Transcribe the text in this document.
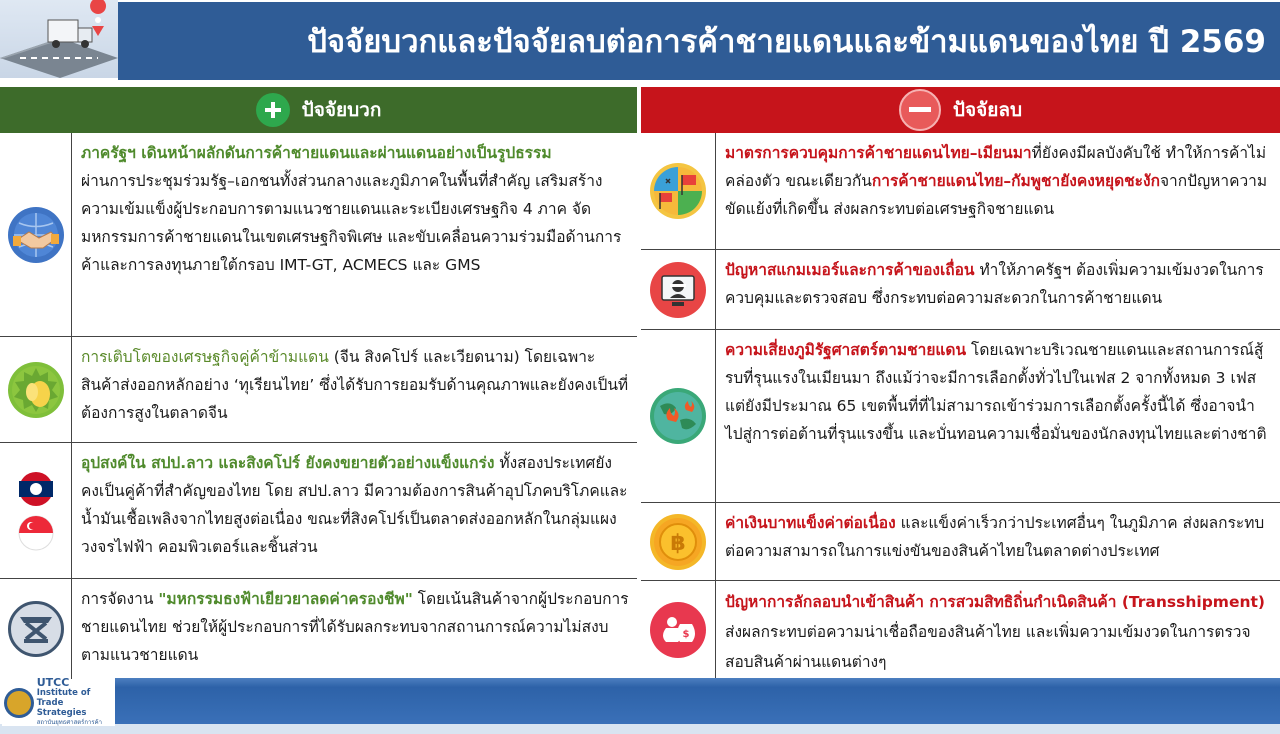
ปัจจัยบวกและปัจจัยลบต่อการค้าชายแดนและข้ามแดนของไทย ปี 2569
ปัจจัยบวก	ปัจจัยลบ
ภาครัฐฯ เดินหน้าผลักดันการค้าชายแดนและผ่านแดนอย่างเป็นรูปธรรม
ผ่านการประชุมร่วมรัฐ–เอกชนทั้งส่วนกลางและภูมิภาคในพื้นที่สำคัญ เสริมสร้างความเข้มแข็งผู้ประกอบการตามแนวชายแดนและระเบียงเศรษฐกิจ 4 ภาค จัดมหกรรมการค้าชายแดนในเขตเศรษฐกิจพิเศษ และขับเคลื่อนความร่วมมือด้านการค้าและการลงทุนภายใต้กรอบ IMT-GT, ACMECS และ GMS
การเติบโตของเศรษฐกิจคู่ค้าข้ามแดน (จีน สิงคโปร์ และเวียดนาม) โดยเฉพาะสินค้าส่งออกหลักอย่าง ‘ทุเรียนไทย’ ซึ่งได้รับการยอมรับด้านคุณภาพและยังคงเป็นที่ต้องการสูงในตลาดจีน
อุปสงค์ใน สปป.ลาว และสิงคโปร์ ยังคงขยายตัวอย่างแข็งแกร่ง ทั้งสองประเทศยังคงเป็นคู่ค้าที่สำคัญของไทย โดย สปป.ลาว มีความต้องการสินค้าอุปโภคบริโภคและน้ำมันเชื้อเพลิงจากไทยสูงต่อเนื่อง ขณะที่สิงคโปร์เป็นตลาดส่งออกหลักในกลุ่มแผงวงจรไฟฟ้า คอมพิวเตอร์และชิ้นส่วน
การจัดงาน "มหกรรมธงฟ้าเยียวยาลดค่าครองชีพ" โดยเน้นสินค้าจากผู้ประกอบการชายแดนไทย ช่วยให้ผู้ประกอบการที่ได้รับผลกระทบจากสถานการณ์ความไม่สงบตามแนวชายแดน
มาตรการควบคุมการค้าชายแดนไทย–เมียนมาที่ยังคงมีผลบังคับใช้ ทำให้การค้าไม่คล่องตัว ขณะเดียวกันการค้าชายแดนไทย–กัมพูชายังคงหยุดชะงักจากปัญหาความขัดแย้งที่เกิดขึ้น ส่งผลกระทบต่อเศรษฐกิจชายแดน
ปัญหาสแกมเมอร์และการค้าของเถื่อน ทำให้ภาครัฐฯ ต้องเพิ่มความเข้มงวดในการควบคุมและตรวจสอบ ซึ่งกระทบต่อความสะดวกในการค้าชายแดน
ความเสี่ยงภูมิรัฐศาสตร์ตามชายแดน โดยเฉพาะบริเวณชายแดนและสถานการณ์สู้รบที่รุนแรงในเมียนมา ถึงแม้ว่าจะมีการเลือกตั้งทั่วไปในเฟส 2 จากทั้งหมด 3 เฟส แต่ยังมีประมาณ 65 เขตพื้นที่ที่ไม่สามารถเข้าร่วมการเลือกตั้งครั้งนี้ได้ ซึ่งอาจนำไปสู่การต่อต้านที่รุนแรงขึ้น และบั่นทอนความเชื่อมั่นของนักลงทุนไทยและต่างชาติ
฿
ค่าเงินบาทแข็งค่าต่อเนื่อง และแข็งค่าเร็วกว่าประเทศอื่นๆ ในภูมิภาค ส่งผลกระทบต่อความสามารถในการแข่งขันของสินค้าไทยในตลาดต่างประเทศ
$
ปัญหาการลักลอบนำเข้าสินค้า การสวมสิทธิถิ่นกำเนิดสินค้า (Transshipment) ส่งผลกระทบต่อความน่าเชื่อถือของสินค้าไทย และเพิ่มความเข้มงวดในการตรวจสอบสินค้าผ่านแดนต่างๆ
UTCC
Institute of
Trade Strategies
สถาบันยุทธศาสตร์การค้า
